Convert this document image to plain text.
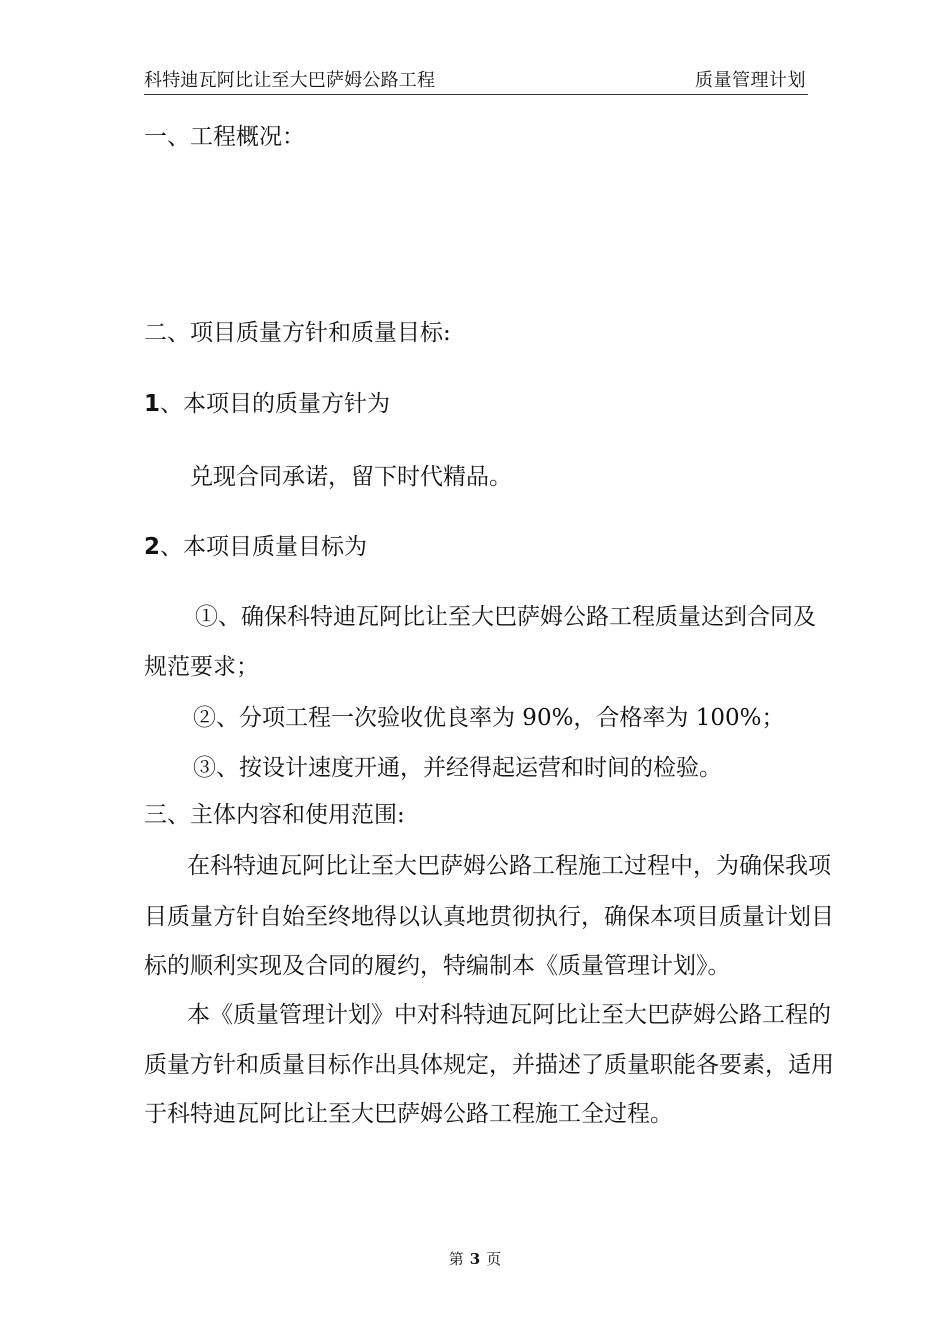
科特迪瓦阿比让至大巴萨姆公路工程	质量管理计划
一、工程概况：
二、项目质量方针和质量目标:
1、本项目的质量方针为
兑现合同承诺，留下时代精品。
2、本项目质量目标为
①、确保科特迪瓦阿比让至大巴萨姆公路工程质量达到合同及
规范要求；
②、分项工程一次验收优良率为 90%，合格率为 100%；
③、按设计速度开通，并经得起运营和时间的检验。
三、主体内容和使用范围:
在科特迪瓦阿比让至大巴萨姆公路工程施工过程中，为确保我项
目质量方针自始至终地得以认真地贯彻执行，确保本项目质量计划目
标的顺利实现及合同的履约，特编制本《质量管理计划》。
本《质量管理计划》中对科特迪瓦阿比让至大巴萨姆公路工程的
质量方针和质量目标作出具体规定，并描述了质量职能各要素，适用
于科特迪瓦阿比让至大巴萨姆公路工程施工全过程。
第 3 页
